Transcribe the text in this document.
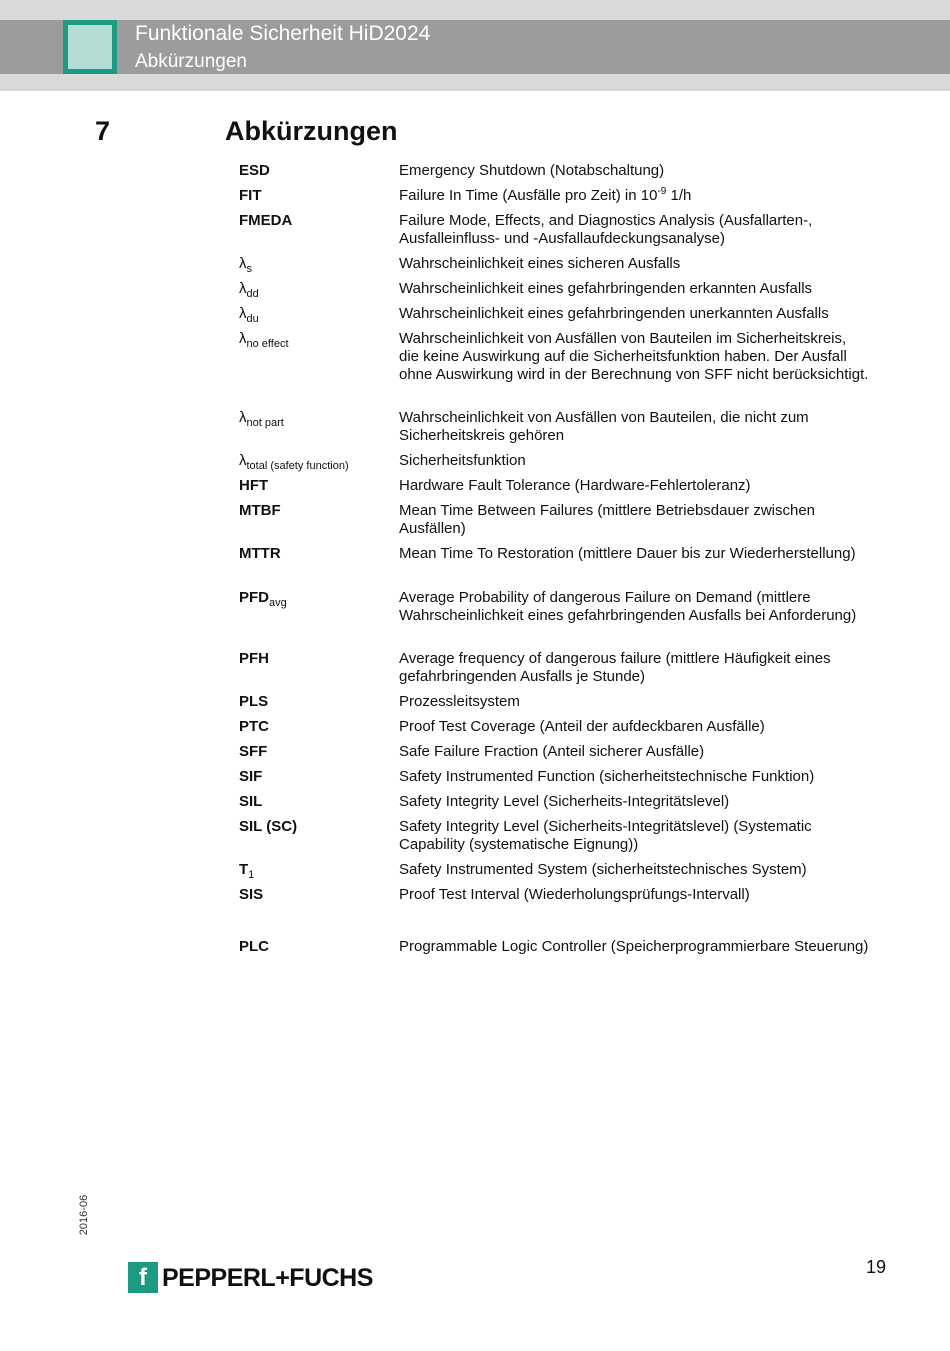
Funktionale Sicherheit HiD2024
Abkürzungen
7	Abkürzungen
ESD
FIT
FMEDA
$\lambda_s$
$\lambda_{dd}$
$\lambda_{du}$
$\lambda_{no effect}$
$\lambda_{not part}$
$\lambda_{total (safety function)}$
HFT
MTBF
MTTR
$PFD_{avg}$
PFH
PLS
PTC
SFF
SIF
SIL
SIL (SC)
$T_1$
SIS
PLC
Emergency Shutdown (Notabschaltung)
Failure In Time (Ausfälle pro Zeit) in $10^{-9}$ 1/h
Failure Mode, Effects, and Diagnostics Analysis (Ausfallarten-, Ausfalleinfluss- und -Ausfallaufdeckungsanalyse)
Wahrscheinlichkeit eines sicheren Ausfalls
Wahrscheinlichkeit eines gefahrbringenden erkannten Ausfalls
Wahrscheinlichkeit eines gefahrbringenden unerkannten Ausfalls
Wahrscheinlichkeit von Ausfällen von Bauteilen im Sicherheitskreis, die keine Auswirkung auf die Sicherheitsfunktion haben. Der Ausfall ohne Auswirkung wird in der Berechnung von SFF nicht berücksichtigt.
Wahrscheinlichkeit von Ausfällen von Bauteilen, die nicht zum Sicherheitskreis gehören
Sicherheitsfunktion
Hardware Fault Tolerance (Hardware-Fehlertoleranz)
Mean Time Between Failures (mittlere Betriebsdauer zwischen Ausfällen)
Mean Time To Restoration (mittlere Dauer bis zur Wiederherstellung)
Average Probability of dangerous Failure on Demand (mittlere Wahrscheinlichkeit eines gefahrbringenden Ausfalls bei Anforderung)
Average frequency of dangerous failure (mittlere Häufigkeit eines gefahrbringenden Ausfalls je Stunde)
Prozessleitsystem
Proof Test Coverage (Anteil der aufdeckbaren Ausfälle)
Safe Failure Fraction (Anteil sicherer Ausfälle)
Safety Instrumented Function (sicherheitstechnische Funktion)
Safety Integrity Level (Sicherheits-Integritätslevel)
Safety Integrity Level (Sicherheits-Integritätslevel) (Systematic Capability (systematische Eignung))
Safety Instrumented System (sicherheitstechnisches System)
Proof Test Interval (Wiederholungsprüfungs-Intervall)
Programmable Logic Controller (Speicherprogrammierbare Steuerung)
2016-06
f PEPPERL+FUCHS	19
